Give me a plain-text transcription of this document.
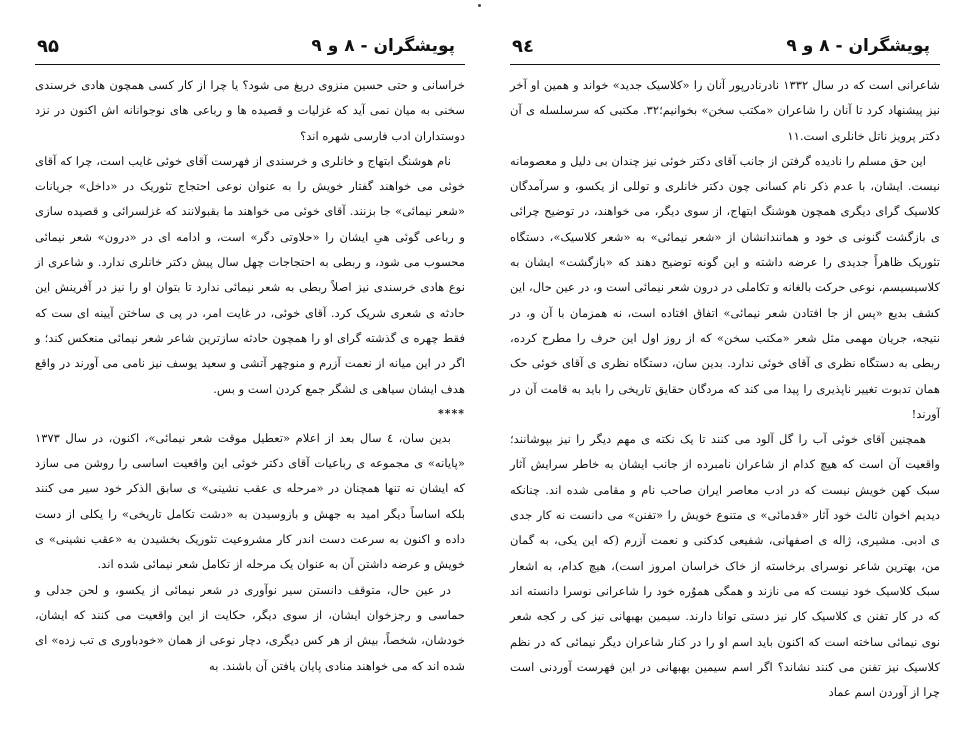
پویشگران - ۸ و ۹
۹۵

خراسانی و حتی حسین منزوی دریغ می شود؟ یا چرا از کار کسی همچون هادی خرسندی سخنی به میان نمی آید که غزلیات و قصیده ها و رباعی های نوجوانانه اش اکنون در نزد دوستداران ادب فارسی شهره اند؟

نام هوشنگ ابتهاج و خانلری و خرسندی از فهرست آقای خوئی غایب است، چرا که آقای خوئی می خواهند گفتار خویش را به عنوان نوعی احتجاج تئوریک در «داخل» جریانات «شعر نیمائی» جا بزنند. آقای خوئی می خواهند ما بقبولانند که غزلسرائی و قصیده سازی و رباعی گوئی هیِ ایشان را «حلاوتی دگر» است، و ادامه ای در «درون» شعر نیمائی محسوب می شود، و ربطی به احتجاجات چهل سال پیش دکتر خانلری ندارد. و شاعری از نوع هادی خرسندی نیز اصلاً ربطی به شعر نیمائی ندارد تا بتوان او را نیز در آفرینش این حادثه ی شعری شریک کرد. آقای خوئی، در غایت امر، در پی ی ساختن آیینه ای ست که فقط چهره ی گذشته گرای او را همچون حادثه سازترین شاعر شعر نیمائی منعکس کند؛ و اگر در این میانه از نعمت آزرم و منوچهر آتشی و سعید یوسف نیز نامی می آورند در واقع هدف ایشان سیاهی ی لشگر جمع کردن است و بس.

****

بدین سان، ٤ سال بعد از اعلام «تعطیل موقت شعر نیمائی»، اکنون، در سال ۱۳۷۳ «پایانه» ی مجموعه ی رباعیات آقای دکتر خوئی این واقعیت اساسی را روشن می سازد که ایشان نه تنها همچنان در «مرحله ی عقب نشینی» ی سابق الذکر خود سیر می کنند بلکه اساساً دیگر امید به جهش و بازوسیدن به «دشت تکامل تاریخی» را یکلی از دست داده و اکنون به سرعت دست اندر کار مشروعیت تئوریک بخشیدن به «عقب نشینی» ی خویش و عرضه داشتن آن به عنوان یک مرحله از تکامل شعر نیمائی شده اند.

در عین حال، متوقف دانستن سیر نوآوری در شعر نیمائی از یکسو، و لحن جدلی و حماسی و رجزخوان ایشان، از سوی دیگر، حکایت از این واقعیت می کنند که ایشان، خودشان، شخصاً، بیش از هر کس دیگری، دچار نوعی از همان «خودباوری ی تب زده» ای شده اند که می خواهند منادی پایان یافتن آن باشند. به

پویشگران - ۸ و ۹
۹٤

شاعرانی است که در سال ۱۳۳۲ نادرنادرپور آنان را «کلاسیک جدید» خواند و همین او آخر نیز پیشنهاد کرد تا آنان را شاعران «مکتب سخن» بخوانیم؛۳۲. مکتبی که سرسلسله ی آن دکتر پرویز ناتل خانلری است.۱۱

این حق مسلم را نادیده گرفتن از جانب آقای دکتر خوئی نیز چندان بی دلیل و معصومانه نیست. ایشان، با عدم ذکر نام کسانی چون دکتر خانلری و توللی از یکسو، و سرآمدگان کلاسیک گرای دیگری همچون هوشنگ ابتهاج، از سوی دیگر، می خواهند، در توضیح چرائی ی بازگشت گنونی ی خود و همانندانشان از «شعر نیمائی» به «شعر کلاسیک»، دستگاه تئوریک ظاهراً جدیدی را عرضه داشته و این گونه توضیح دهند که «بازگشت» ایشان به کلاسیسیسم، نوعی حرکت بالغانه و تکاملی در درون شعر نیمائی است و، در عین حال، این کشف بدیع «پس از جا افتادن شعر نیمائی» اتفاق افتاده است، نه همزمان با آن و، در نتیجه، جریان مهمی مثل شعر «مکتب سخن» که از روز اول این حرف را مطرح کرده، ربطی به دستگاه نظری ی آقای خوئی ندارد. بدین سان، دستگاه نظری ی آقای خوئی حک همان تدبوت تغییر ناپذیری را پیدا می کند که مردگان حقایق تاریخی را باید به قامت آن در آورند!

همچنین آقای خوئی آب را گل آلود می کنند تا یک نکته ی مهم دیگر را نیز بپوشانند؛ واقعیت آن است که هیچ کدام از شاعران نامبرده از جانب ایشان به خاطر سرایش آثار سبک کهن خویش نیست که در ادب معاصر ایران صاحب نام و مقامی شده اند. چنانکه دیدیم اخوان ثالث خود آثار «قدمائی» ی متنوع خویش را «تفنن» می دانست نه کار جدی ی ادبی. مشیری، ژاله ی اصفهانی، شفیعی کدکنی و نعمت آزرم (که این یکی، به گمان من، بهترین شاعر نوسرای برخاسته از خاک خراسان امروز است)، هیچ کدام، به اشعار سبک کلاسیک خود نیست که می نازند و همگی هموُره خود را شاعرانی نوسرا دانسته اند که در کار تفنن ی کلاسیک کار نیز دستی توانا دارند. سیمین بهبهانی نیز کی ر کجه شعر نوی نیمائی ساخته است که اکنون باید اسم او را در کنار شاعران دیگر نیمائی که در نظم کلاسیک نیز تفنن می کنند نشاند؟ اگر اسم سیمین بهبهانی در این فهرست آوردنی است چرا از آوردن اسم عماد
